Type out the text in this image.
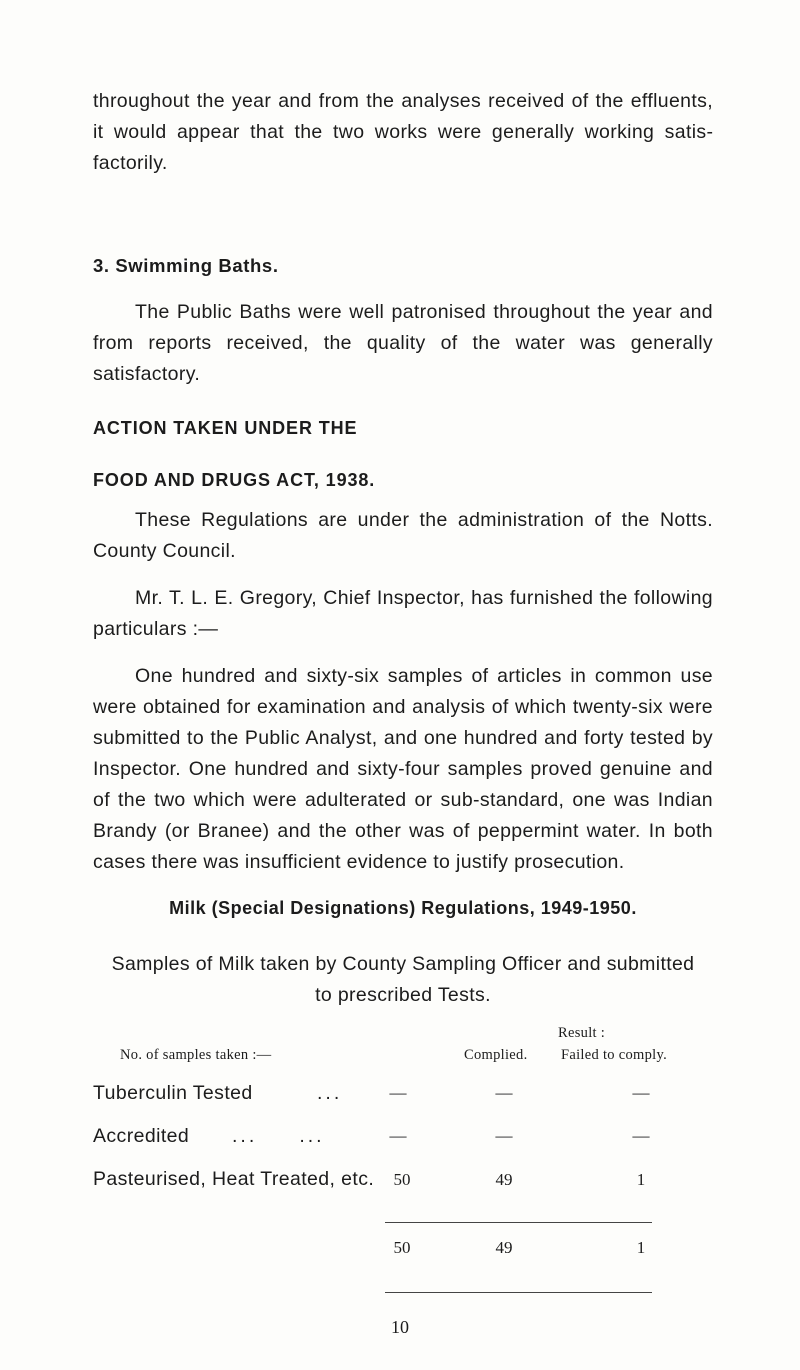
throughout the year and from the analyses received of the effluents, it would appear that the two works were generally working satisfactorily.

3. Swimming Baths.

The Public Baths were well patronised throughout the year and from reports received, the quality of the water was generally satisfactory.

ACTION TAKEN UNDER THE
FOOD AND DRUGS ACT, 1938.

These Regulations are under the administration of the Notts. County Council.

Mr. T. L. E. Gregory, Chief Inspector, has furnished the following particulars :—

One hundred and sixty-six samples of articles in common use were obtained for examination and analysis of which twenty-six were submitted to the Public Analyst, and one hundred and forty tested by Inspector. One hundred and sixty-four samples proved genuine and of the two which were adulterated or sub-standard, one was Indian Brandy (or Branee) and the other was of peppermint water. In both cases there was insufficient evidence to justify prosecution.

Milk (Special Designations) Regulations, 1949-1950.
Samples of Milk taken by County Sampling Officer and submitted
to prescribed Tests.
Result :
No. of samples taken :—	Complied. Failed to comply.
Tuberculin Tested	...	—	—	—
Accredited ...     ...	—	—	—
Pasteurised, Heat Treated, etc.	50	49	1
50	49	1
10
